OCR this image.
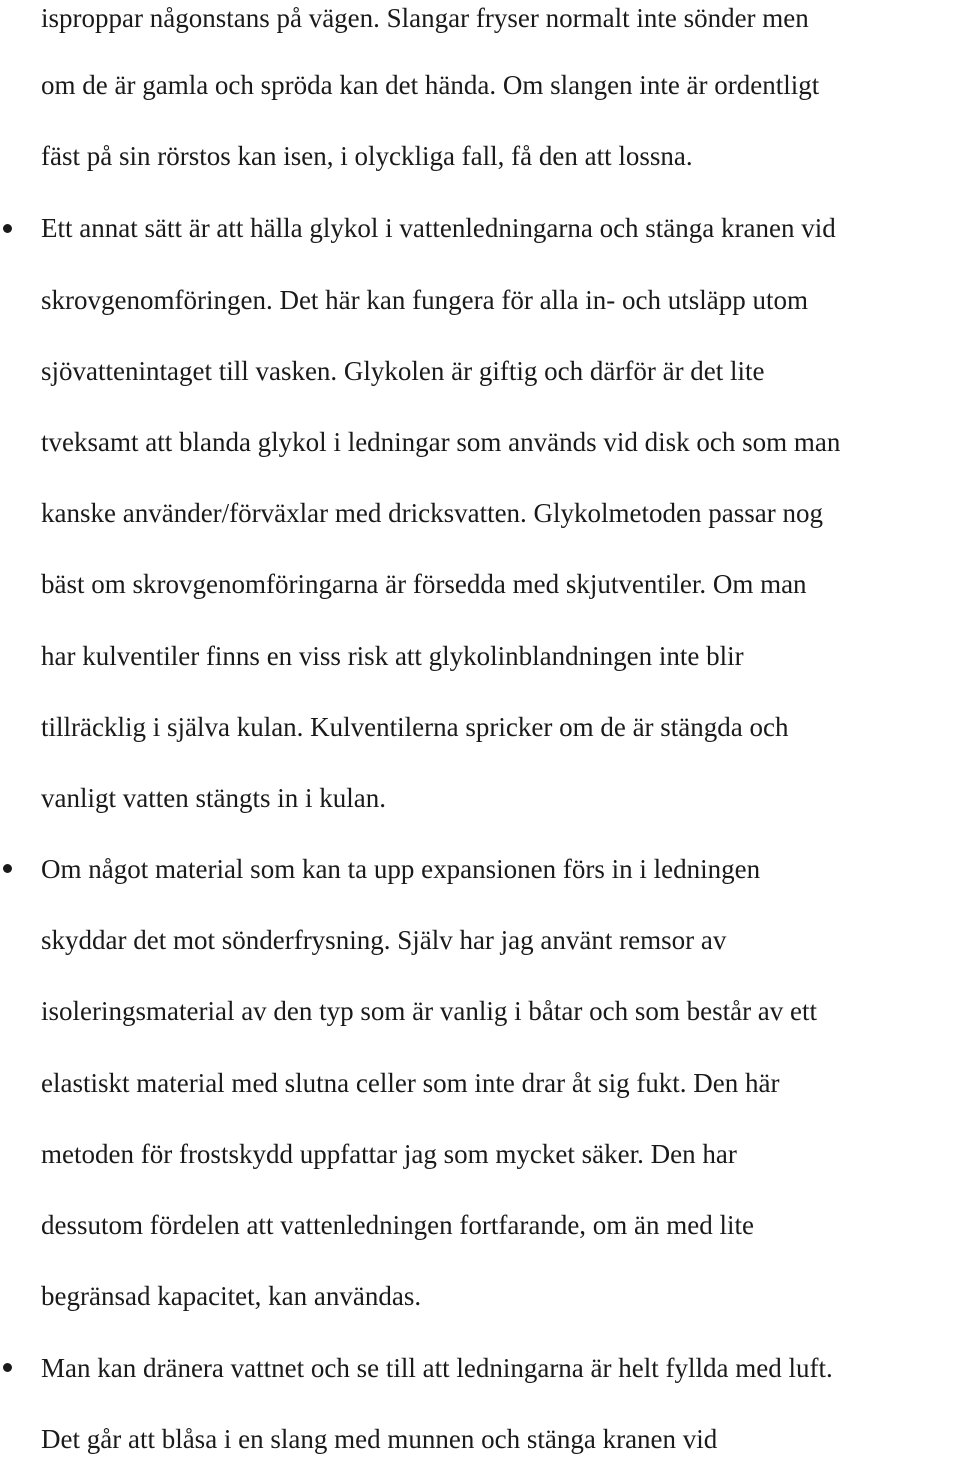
isproppar någonstans på vägen. Slangar fryser normalt inte sönder men
om de är gamla och spröda kan det hända. Om slangen inte är ordentligt
fäst på sin rörstos kan isen, i olyckliga fall, få den att lossna.
Ett annat sätt är att hälla glykol i vattenledningarna och stänga kranen vid
skrovgenomföringen. Det här kan fungera för alla in- och utsläpp utom
sjövattenintaget till vasken. Glykolen är giftig och därför är det lite
tveksamt att blanda glykol i ledningar som används vid disk och som man
kanske använder/förväxlar med dricksvatten. Glykolmetoden passar nog
bäst om skrovgenomföringarna är försedda med skjutventiler. Om man
har kulventiler finns en viss risk att glykolinblandningen inte blir
tillräcklig i själva kulan. Kulventilerna spricker om de är stängda och
vanligt vatten stängts in i kulan.
Om något material som kan ta upp expansionen förs in i ledningen
skyddar det mot sönderfrysning. Själv har jag använt remsor av
isoleringsmaterial av den typ som är vanlig i båtar och som består av ett
elastiskt material med slutna celler som inte drar åt sig fukt. Den här
metoden för frostskydd uppfattar jag som mycket säker. Den har
dessutom fördelen att vattenledningen fortfarande, om än med lite
begränsad kapacitet, kan användas.
Man kan dränera vattnet och se till att ledningarna är helt fyllda med luft.
Det går att blåsa i en slang med munnen och stänga kranen vid
